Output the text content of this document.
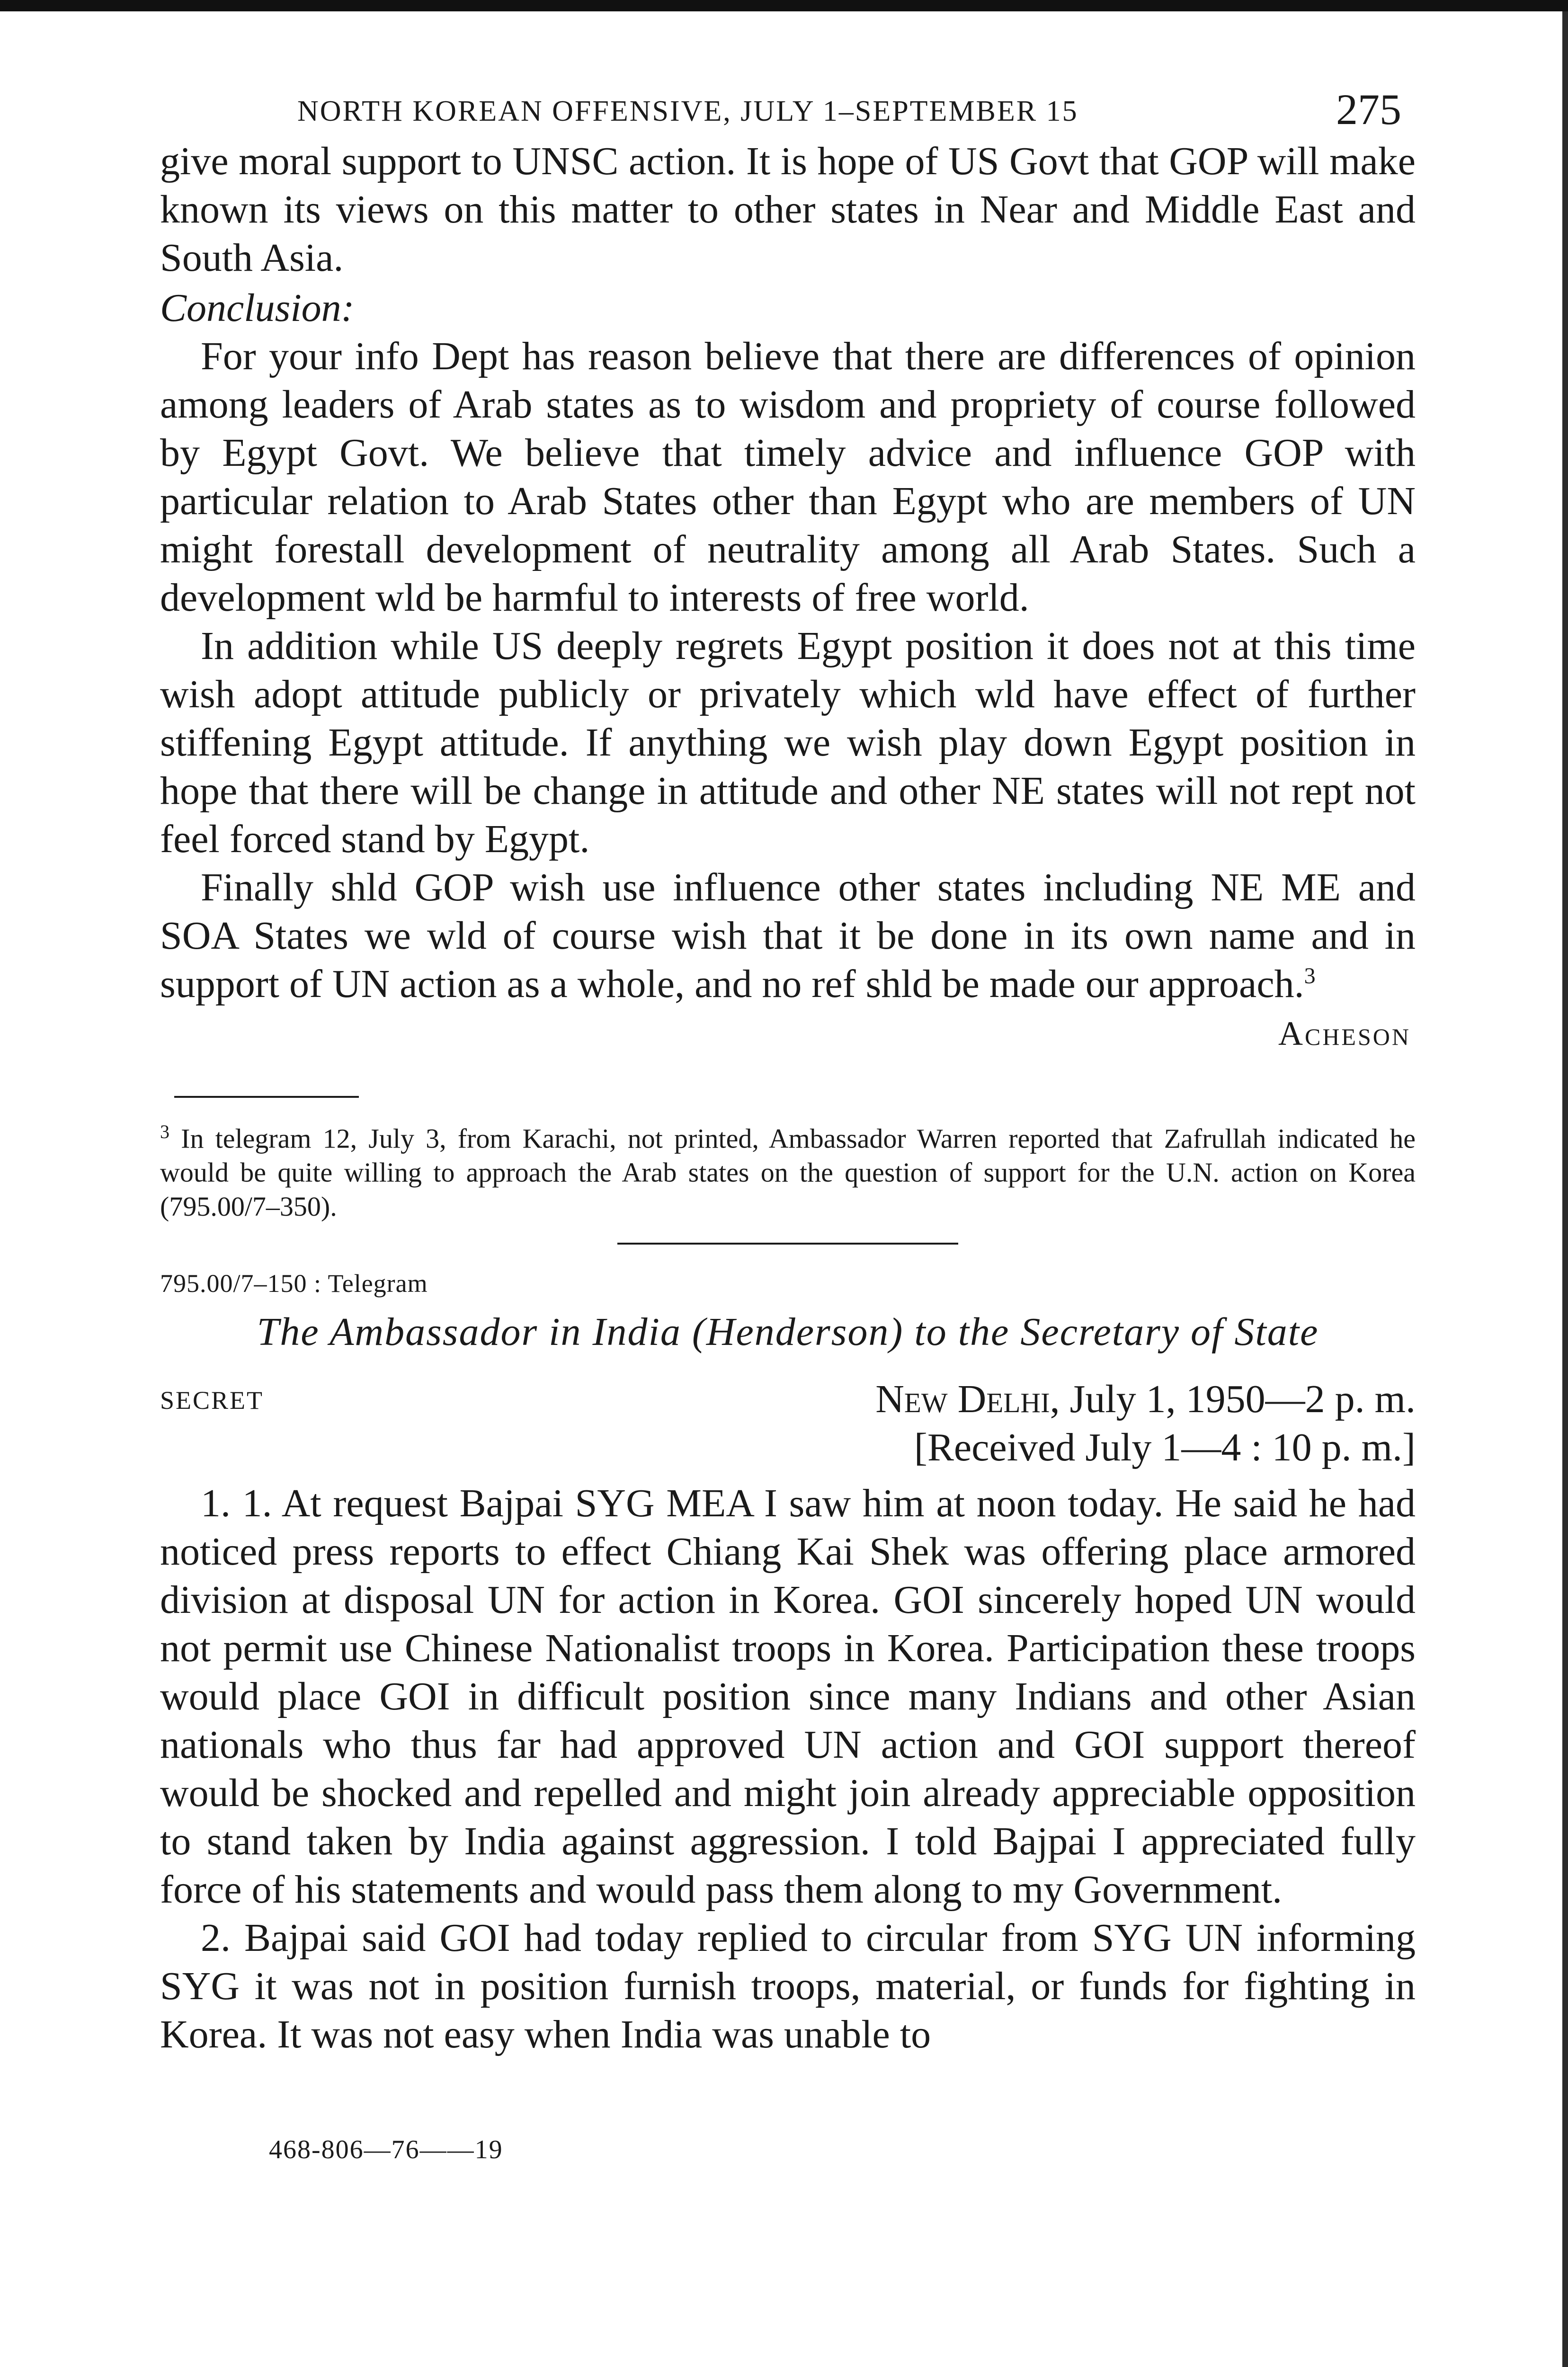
NORTH KOREAN OFFENSIVE, JULY 1–SEPTEMBER 15	275

give moral support to UNSC action. It is hope of US Govt that GOP will make known its views on this matter to other states in Near and Middle East and South Asia.

Conclusion:

For your info Dept has reason believe that there are differences of opinion among leaders of Arab states as to wisdom and propriety of course followed by Egypt Govt. We believe that timely advice and influence GOP with particular relation to Arab States other than Egypt who are members of UN might forestall development of neutrality among all Arab States. Such a development wld be harmful to interests of free world.

In addition while US deeply regrets Egypt position it does not at this time wish adopt attitude publicly or privately which wld have effect of further stiffening Egypt attitude. If anything we wish play down Egypt position in hope that there will be change in attitude and other NE states will not rept not feel forced stand by Egypt.

Finally shld GOP wish use influence other states including NE ME and SOA States we wld of course wish that it be done in its own name and in support of UN action as a whole, and no ref shld be made our approach.$^3$

Acheson

$^3$ In telegram 12, July 3, from Karachi, not printed, Ambassador Warren reported that Zafrullah indicated he would be quite willing to approach the Arab states on the question of support for the U.N. action on Korea (795.00/7–350).

795.00/7–150 : Telegram

The Ambassador in India (Henderson) to the Secretary of State

SECRET	New Delhi, July 1, 1950—2 p. m.
[Received July 1—4 : 10 p. m.]

1. 1. At request Bajpai SYG MEA I saw him at noon today. He said he had noticed press reports to effect Chiang Kai Shek was offering place armored division at disposal UN for action in Korea. GOI sincerely hoped UN would not permit use Chinese Nationalist troops in Korea. Participation these troops would place GOI in difficult position since many Indians and other Asian nationals who thus far had approved UN action and GOI support thereof would be shocked and repelled and might join already appreciable opposition to stand taken by India against aggression. I told Bajpai I appreciated fully force of his statements and would pass them along to my Government.

2. Bajpai said GOI had today replied to circular from SYG UN informing SYG it was not in position furnish troops, material, or funds for fighting in Korea. It was not easy when India was unable to

468-806—76——19
